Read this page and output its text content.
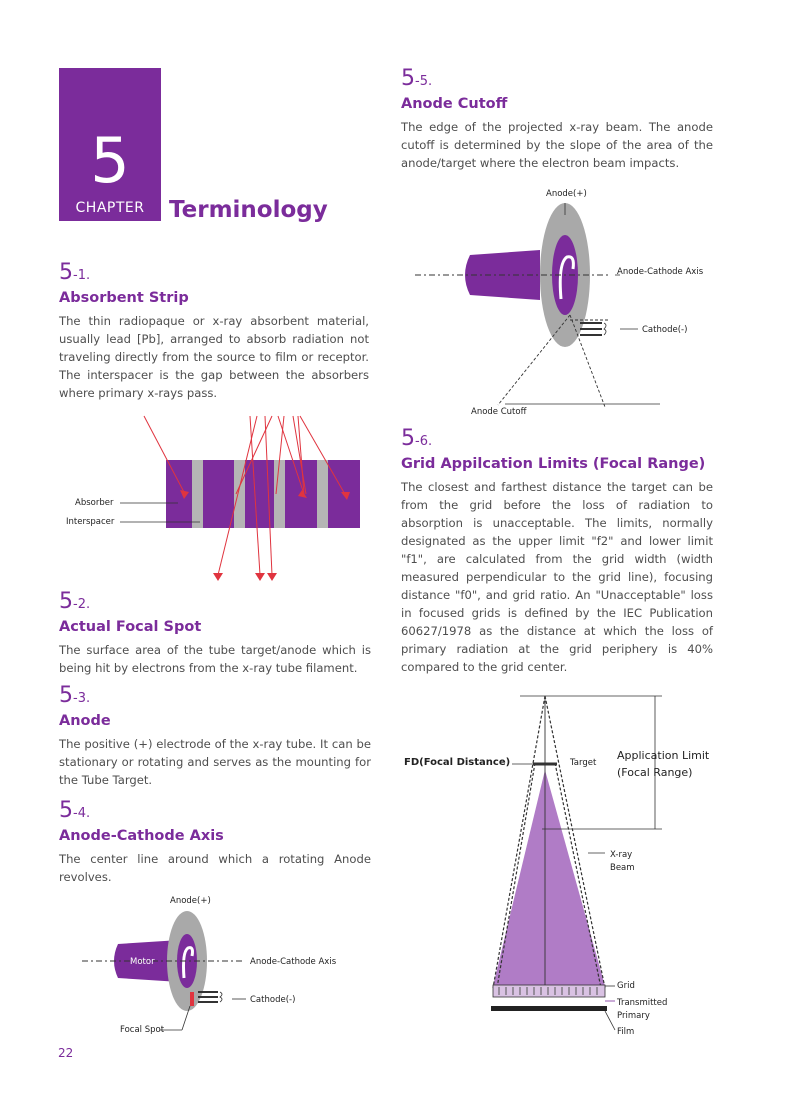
5
CHAPTER	Terminology
5-1.
Absorbent Strip
The thin radiopaque or x-ray absorbent material, usually lead [Pb], arranged to absorb radiation not traveling directly from the source to film or receptor. The interspacer is the gap between the absorbers where primary x-rays pass.
Absorber
Interspacer
5-2.
Actual Focal Spot
The surface area of the tube target/anode which is being hit by electrons from the x-ray tube filament.
5-3.
Anode
The positive (+) electrode of the x-ray tube. It can be stationary or rotating and serves as the mounting for the Tube Target.
5-4.
Anode-Cathode Axis
The center line around which a rotating Anode revolves.
Anode(+)
Motor	Anode-Cathode Axis
Cathode(-)
Focal Spot
5-5.
Anode Cutoff
The edge of the projected x-ray beam. The anode cutoff is determined by the slope of the area of the anode/target where the electron beam impacts.
Anode(+)
Anode-Cathode Axis
Cathode(-)
Anode Cutoff
5-6.
Grid Appilcation Limits (Focal Range)
The closest and farthest distance the target can be from the grid before the loss of radiation to absorption is unacceptable. The limits, normally designated as the upper limit "f2" and lower limit "f1", are calculated from the grid width (width measured perpendicular to the grid line), focusing distance "f0", and grid ratio. An "Unacceptable" loss in focused grids is defined by the IEC Publication 60627/1978 as the distance at which the loss of primary radiation at the grid periphery is 40% compared to the grid center.
FD(Focal Distance)	Target
Application Limit
(Focal Range)
X-ray
Beam
Grid
Transmitted
Primary
Film
22
